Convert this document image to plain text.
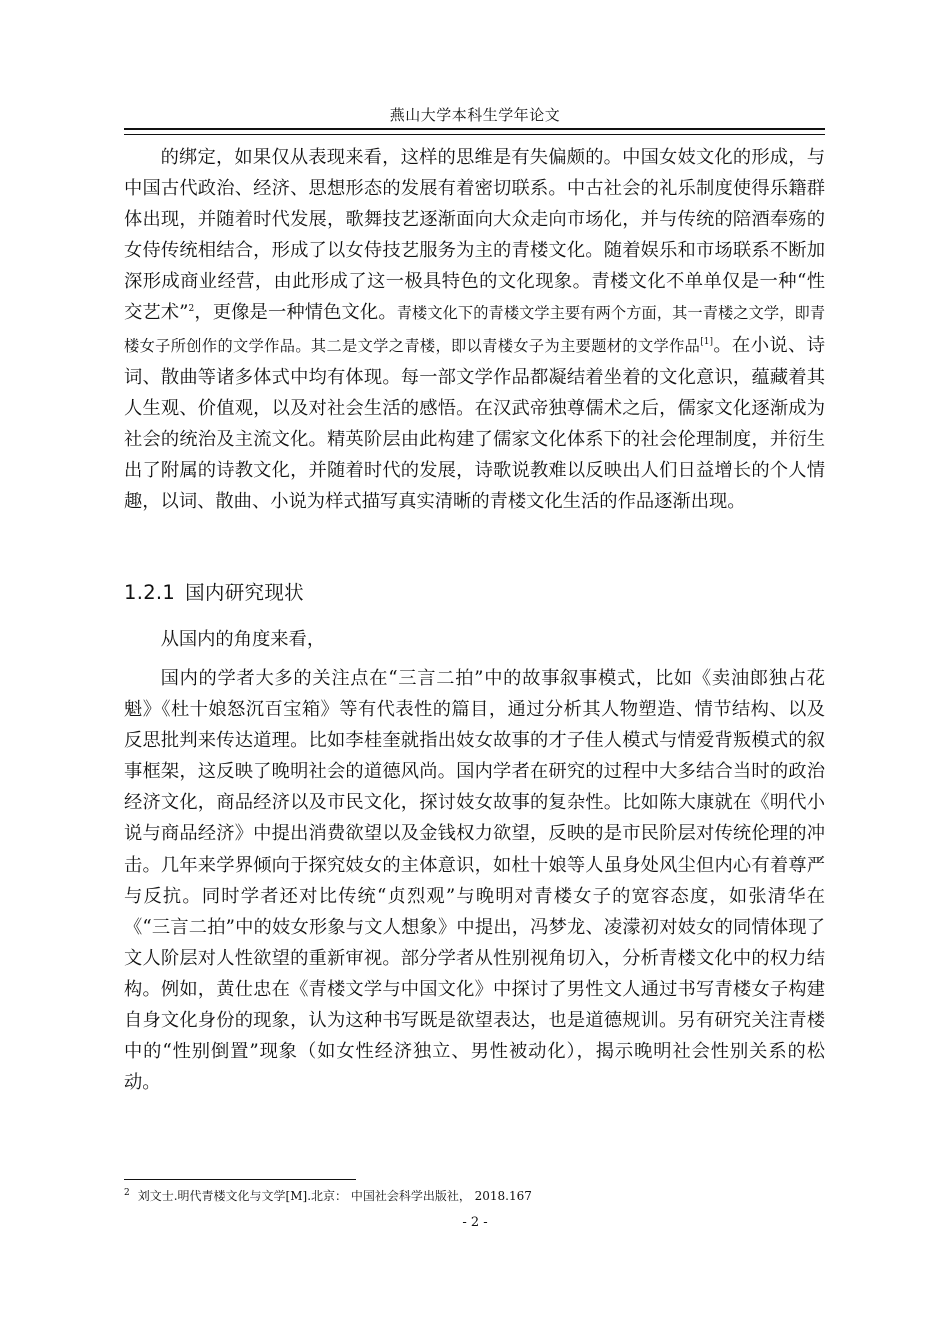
燕山大学本科生学年论文

的绑定，如果仅从表现来看，这样的思维是有失偏颇的。中国女妓文化的形成，与中国古代政治、经济、思想形态的发展有着密切联系。中古社会的礼乐制度使得乐籍群体出现，并随着时代发展，歌舞技艺逐渐面向大众走向市场化，并与传统的陪酒奉殇的女侍传统相结合，形成了以女侍技艺服务为主的青楼文化。随着娱乐和市场联系不断加深形成商业经营，由此形成了这一极具特色的文化现象。青楼文化不单单仅是一种“性交艺术”$^2$，更像是一种情色文化。青楼文化下的青楼文学主要有两个方面，其一青楼之文学，即青楼女子所创作的文学作品。其二是文学之青楼，即以青楼女子为主要题材的文学作品[1]。在小说、诗词、散曲等诸多体式中均有体现。每一部文学作品都凝结着坐着的文化意识，蕴藏着其人生观、价值观，以及对社会生活的感悟。在汉武帝独尊儒术之后，儒家文化逐渐成为社会的统治及主流文化。精英阶层由此构建了儒家文化体系下的社会伦理制度，并衍生出了附属的诗教文化，并随着时代的发展，诗歌说教难以反映出人们日益增长的个人情趣，以词、散曲、小说为样式描写真实清晰的青楼文化生活的作品逐渐出现。

1.2.1 国内研究现状

从国内的角度来看，

国内的学者大多的关注点在“三言二拍”中的故事叙事模式，比如《卖油郎独占花魁》《杜十娘怒沉百宝箱》等有代表性的篇目，通过分析其人物塑造、情节结构、以及反思批判来传达道理。比如李桂奎就指出妓女故事的才子佳人模式与情爱背叛模式的叙事框架，这反映了晚明社会的道德风尚。国内学者在研究的过程中大多结合当时的政治经济文化，商品经济以及市民文化，探讨妓女故事的复杂性。比如陈大康就在《明代小说与商品经济》中提出消费欲望以及金钱权力欲望，反映的是市民阶层对传统伦理的冲击。几年来学界倾向于探究妓女的主体意识，如杜十娘等人虽身处风尘但内心有着尊严与反抗。同时学者还对比传统“贞烈观”与晚明对青楼女子的宽容态度，如张清华在《“三言二拍”中的妓女形象与文人想象》中提出，冯梦龙、凌濛初对妓女的同情体现了文人阶层对人性欲望的重新审视。部分学者从性别视角切入，分析青楼文化中的权力结构。例如，黄仕忠在《青楼文学与中国文化》中探讨了男性文人通过书写青楼女子构建自身文化身份的现象，认为这种书写既是欲望表达，也是道德规训。另有研究关注青楼中的“性别倒置”现象（如女性经济独立、男性被动化），揭示晚明社会性别关系的松动。

$^2$ 刘文士.明代青楼文化与文学[M].北京： 中国社会科学出版社， 2018.167
- 2 -
